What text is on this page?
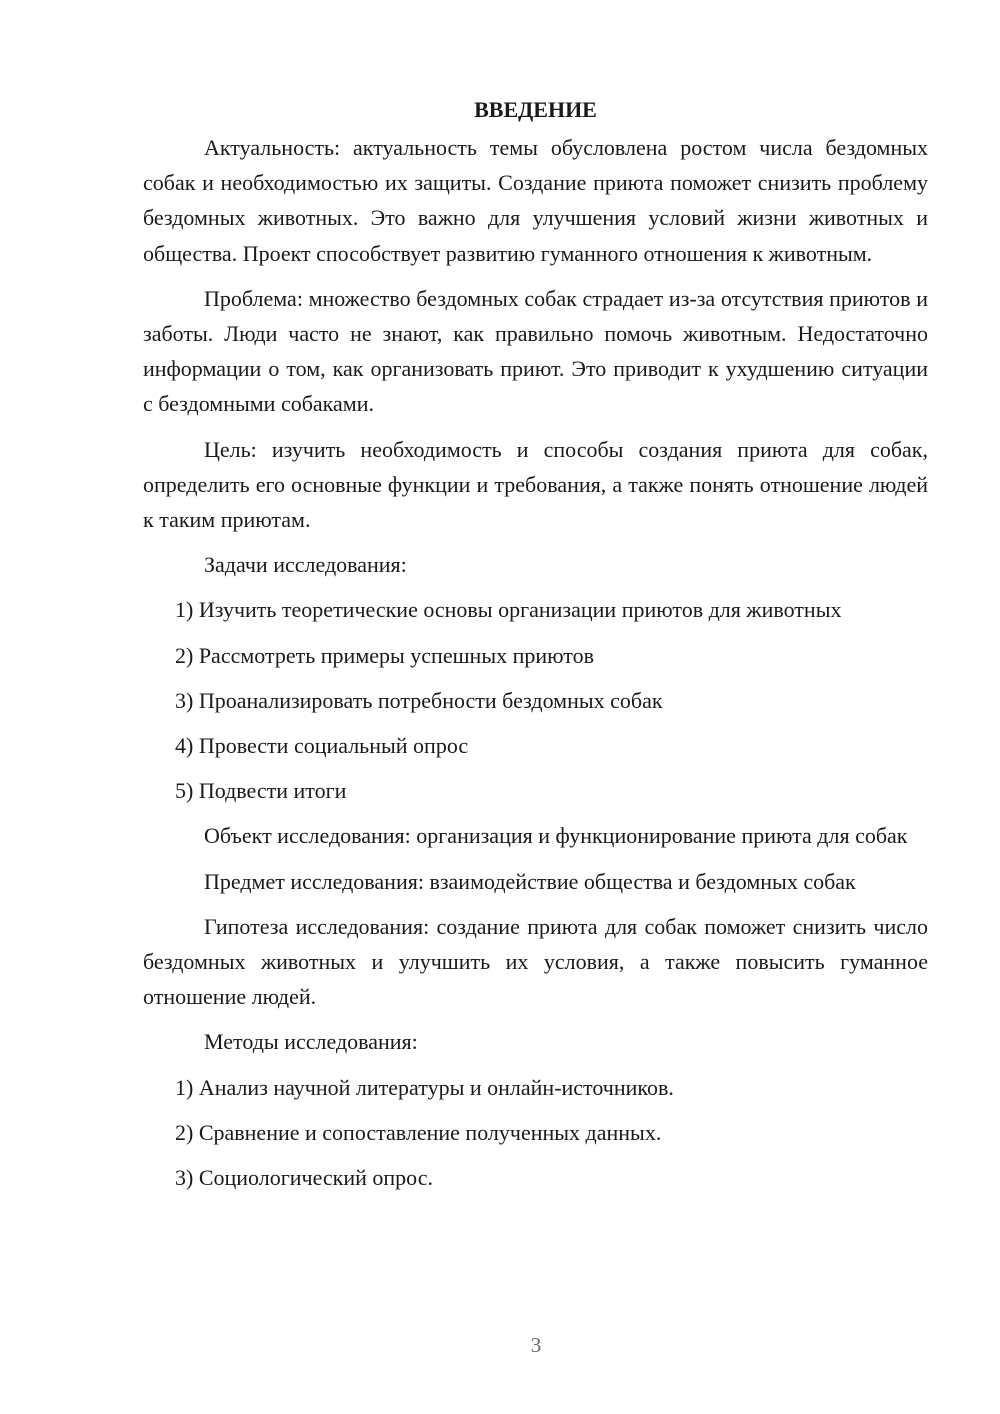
ВВЕДЕНИЕ

Актуальность: актуальность темы обусловлена ростом числа бездомных собак и необходимостью их защиты. Создание приюта поможет снизить проблему бездомных животных. Это важно для улучшения условий жизни животных и общества. Проект способствует развитию гуманного отношения к животным.

Проблема: множество бездомных собак страдает из-за отсутствия приютов и заботы. Люди часто не знают, как правильно помочь животным. Недостаточно информации о том, как организовать приют. Это приводит к ухудшению ситуации с бездомными собаками.

Цель: изучить необходимость и способы создания приюта для собак, определить его основные функции и требования, а также понять отношение людей к таким приютам.

Задачи исследования:

1) Изучить теоретические основы организации приютов для животных

2) Рассмотреть примеры успешных приютов

3) Проанализировать потребности бездомных собак

4) Провести социальный опрос

5) Подвести итоги

Объект исследования: организация и функционирование приюта для собак

Предмет исследования: взаимодействие общества и бездомных собак

Гипотеза исследования: создание приюта для собак поможет снизить число бездомных животных и улучшить их условия, а также повысить гуманное отношение людей.

Методы исследования:

1) Анализ научной литературы и онлайн-источников.

2) Сравнение и сопоставление полученных данных.

3) Социологический опрос.

3
